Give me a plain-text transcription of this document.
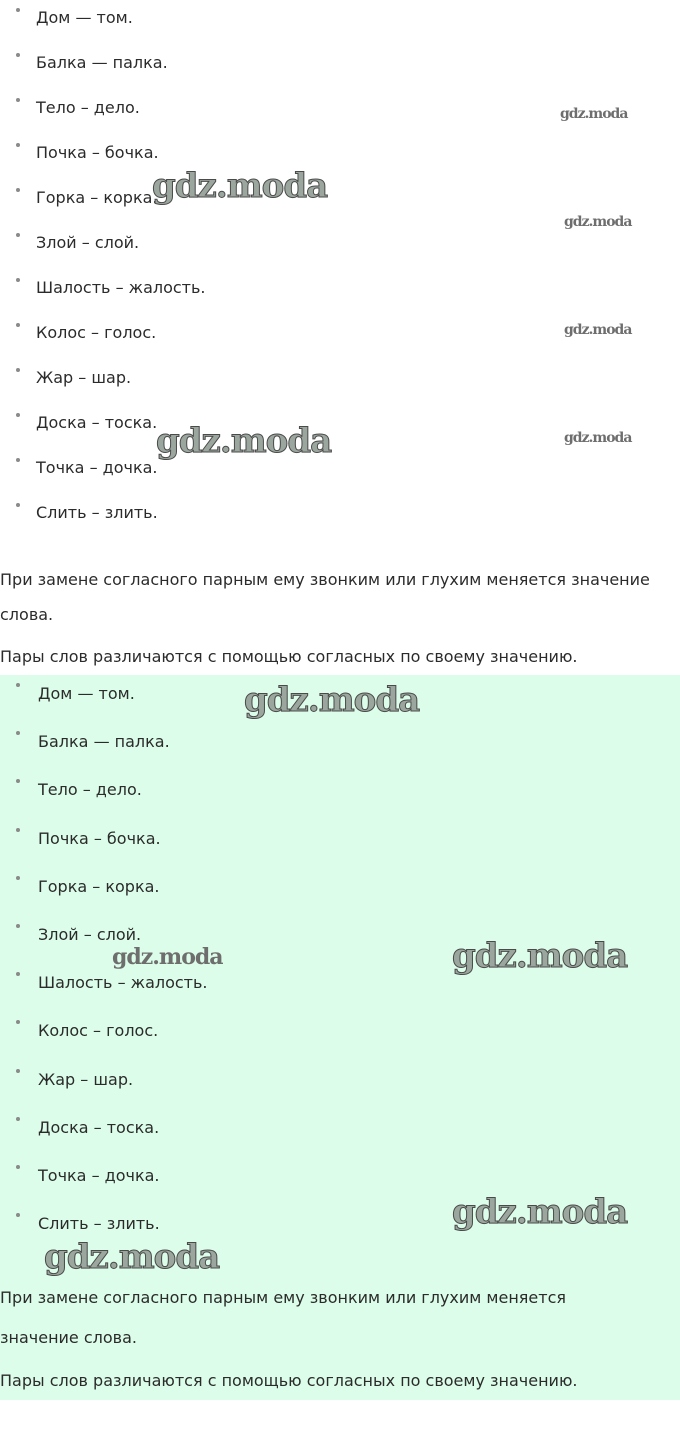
Дом — том.
Балка — палка.
Тело – дело.
Почка – бочка.
Горка – корка.
Злой – слой.
Шалость – жалость.
Колос – голос.
Жар – шар.
Доска – тоска.
Точка – дочка.
Слить – злить.

При замене согласного парным ему звонким или глухим меняется значение слова.

Пары слов различаются с помощью согласных по своему значению.

gdz.moda
gdz.moda
gdz.moda
gdz.moda
gdz.moda	gdz.moda
Дом — том.
Балка — палка.
Тело – дело.
Почка – бочка.
Горка – корка.
Злой – слой.
Шалость – жалость.
Колос – голос.
Жар – шар.
Доска – тоска.
Точка – дочка.
Слить – злить.

При замене согласного парным ему звонким или глухим меняется значение слова.

Пары слов различаются с помощью согласных по своему значению.

gdz.moda
gdz.moda	gdz.moda
gdz.moda
gdz.moda
